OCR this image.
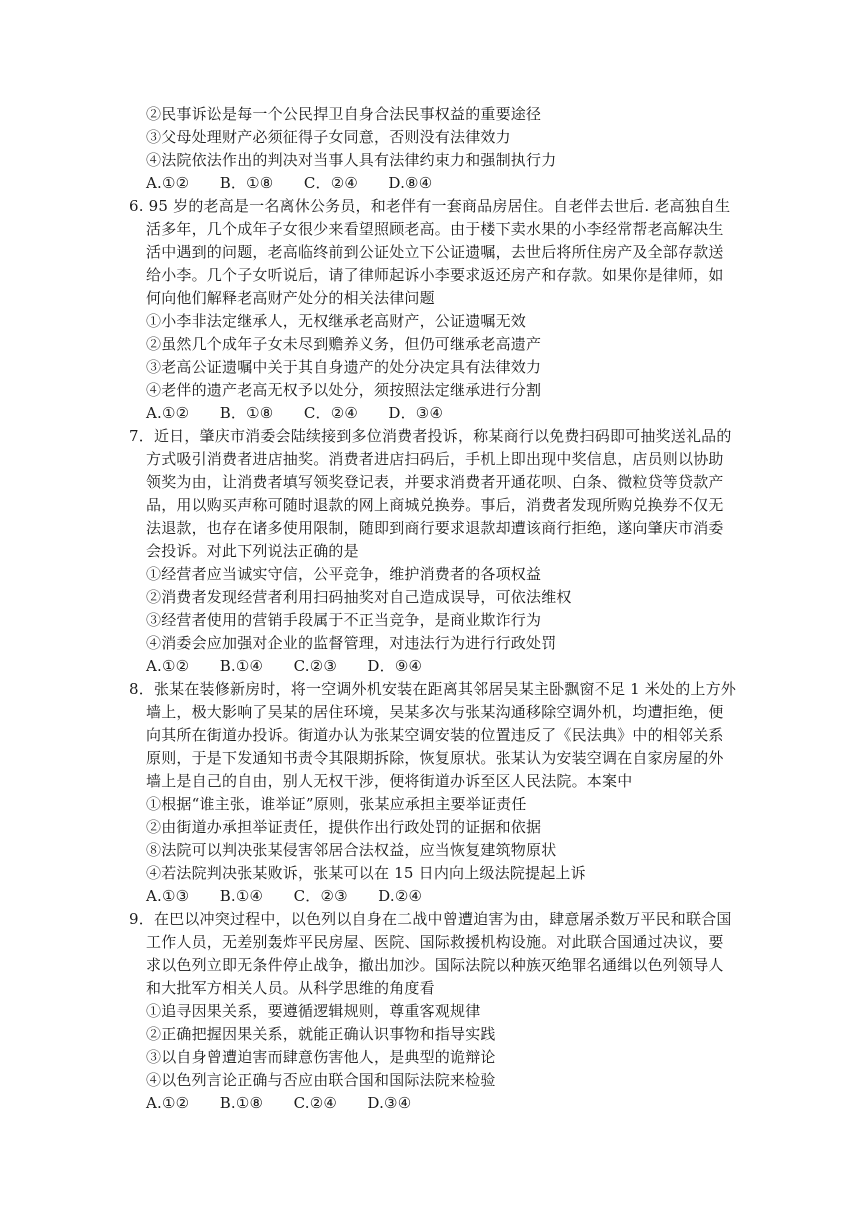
②民事诉讼是每一个公民捍卫自身合法民事权益的重要途径
③父母处理财产必须征得子女同意，否则没有法律效力
④法院依法作出的判决对当事人具有法律约束力和强制执行力
A.①②　　B．①⑧　　C．②④　　D.⑧④
6. 95 岁的老高是一名离休公务员，和老伴有一套商品房居住。自老伴去世后. 老高独自生
活多年，几个成年子女很少来看望照顾老高。由于楼下卖水果的小李经常帮老高解决生
活中遇到的问题，老高临终前到公证处立下公证遗嘱，去世后将所住房产及全部存款送
给小李。几个子女听说后，请了律师起诉小李要求返还房产和存款。如果你是律师，如
何向他们解释老高财产处分的相关法律问题
①小李非法定继承人，无权继承老高财产，公证遗嘱无效
②虽然几个成年子女未尽到赡养义务，但仍可继承老高遗产
③老高公证遗嘱中关于其自身遗产的处分决定具有法律效力
④老伴的遗产老高无权予以处分，须按照法定继承进行分割
A.①②　　B．①⑧　　C．②④　　D．③④
7．近日，肇庆市消委会陆续接到多位消费者投诉，称某商行以免费扫码即可抽奖送礼品的
方式吸引消费者进店抽奖。消费者进店扫码后，手机上即出现中奖信息，店员则以协助
领奖为由，让消费者填写领奖登记表，并要求消费者开通花呗、白条、微粒贷等贷款产
品，用以购买声称可随时退款的网上商城兑换券。事后，消费者发现所购兑换券不仅无
法退款，也存在诸多使用限制，随即到商行要求退款却遭该商行拒绝，遂向肇庆市消委
会投诉。对此下列说法正确的是
①经营者应当诚实守信，公平竞争，维护消费者的各项权益
②消费者发现经营者利用扫码抽奖对自己造成误导，可依法维权
③经营者使用的营销手段属于不正当竞争，是商业欺诈行为
④消委会应加强对企业的监督管理，对违法行为进行行政处罚
A.①②　　B.①④　　C.②③　　D．⑨④
8．张某在装修新房时，将一空调外机安装在距离其邻居吴某主卧飘窗不足 1 米处的上方外
墙上，极大影响了吴某的居住环境，吴某多次与张某沟通移除空调外机，均遭拒绝，便
向其所在街道办投诉。街道办认为张某空调安装的位置违反了《民法典》中的相邻关系
原则，于是下发通知书责令其限期拆除，恢复原状。张某认为安装空调在自家房屋的外
墙上是自己的自由，别人无权干涉，便将街道办诉至区人民法院。本案中
①根据“谁主张，谁举证”原则，张某应承担主要举证责任
②由街道办承担举证责任，提供作出行政处罚的证据和依据
⑧法院可以判决张某侵害邻居合法权益，应当恢复建筑物原状
④若法院判决张某败诉，张某可以在 15 日内向上级法院提起上诉
A.①③　　B.①④　　C．②③　　D.②④
9．在巴以冲突过程中，以色列以自身在二战中曾遭迫害为由，肆意屠杀数万平民和联合国
工作人员，无差别轰炸平民房屋、医院、国际救援机构设施。对此联合国通过决议，要
求以色列立即无条件停止战争，撤出加沙。国际法院以种族灭绝罪名通缉以色列领导人
和大批军方相关人员。从科学思维的角度看
①追寻因果关系，要遵循逻辑规则，尊重客观规律
②正确把握因果关系，就能正确认识事物和指导实践
③以自身曾遭迫害而肆意伤害他人，是典型的诡辩论
④以色列言论正确与否应由联合国和国际法院来检验
A.①②　　B.①⑧　　C.②④　　D.③④
